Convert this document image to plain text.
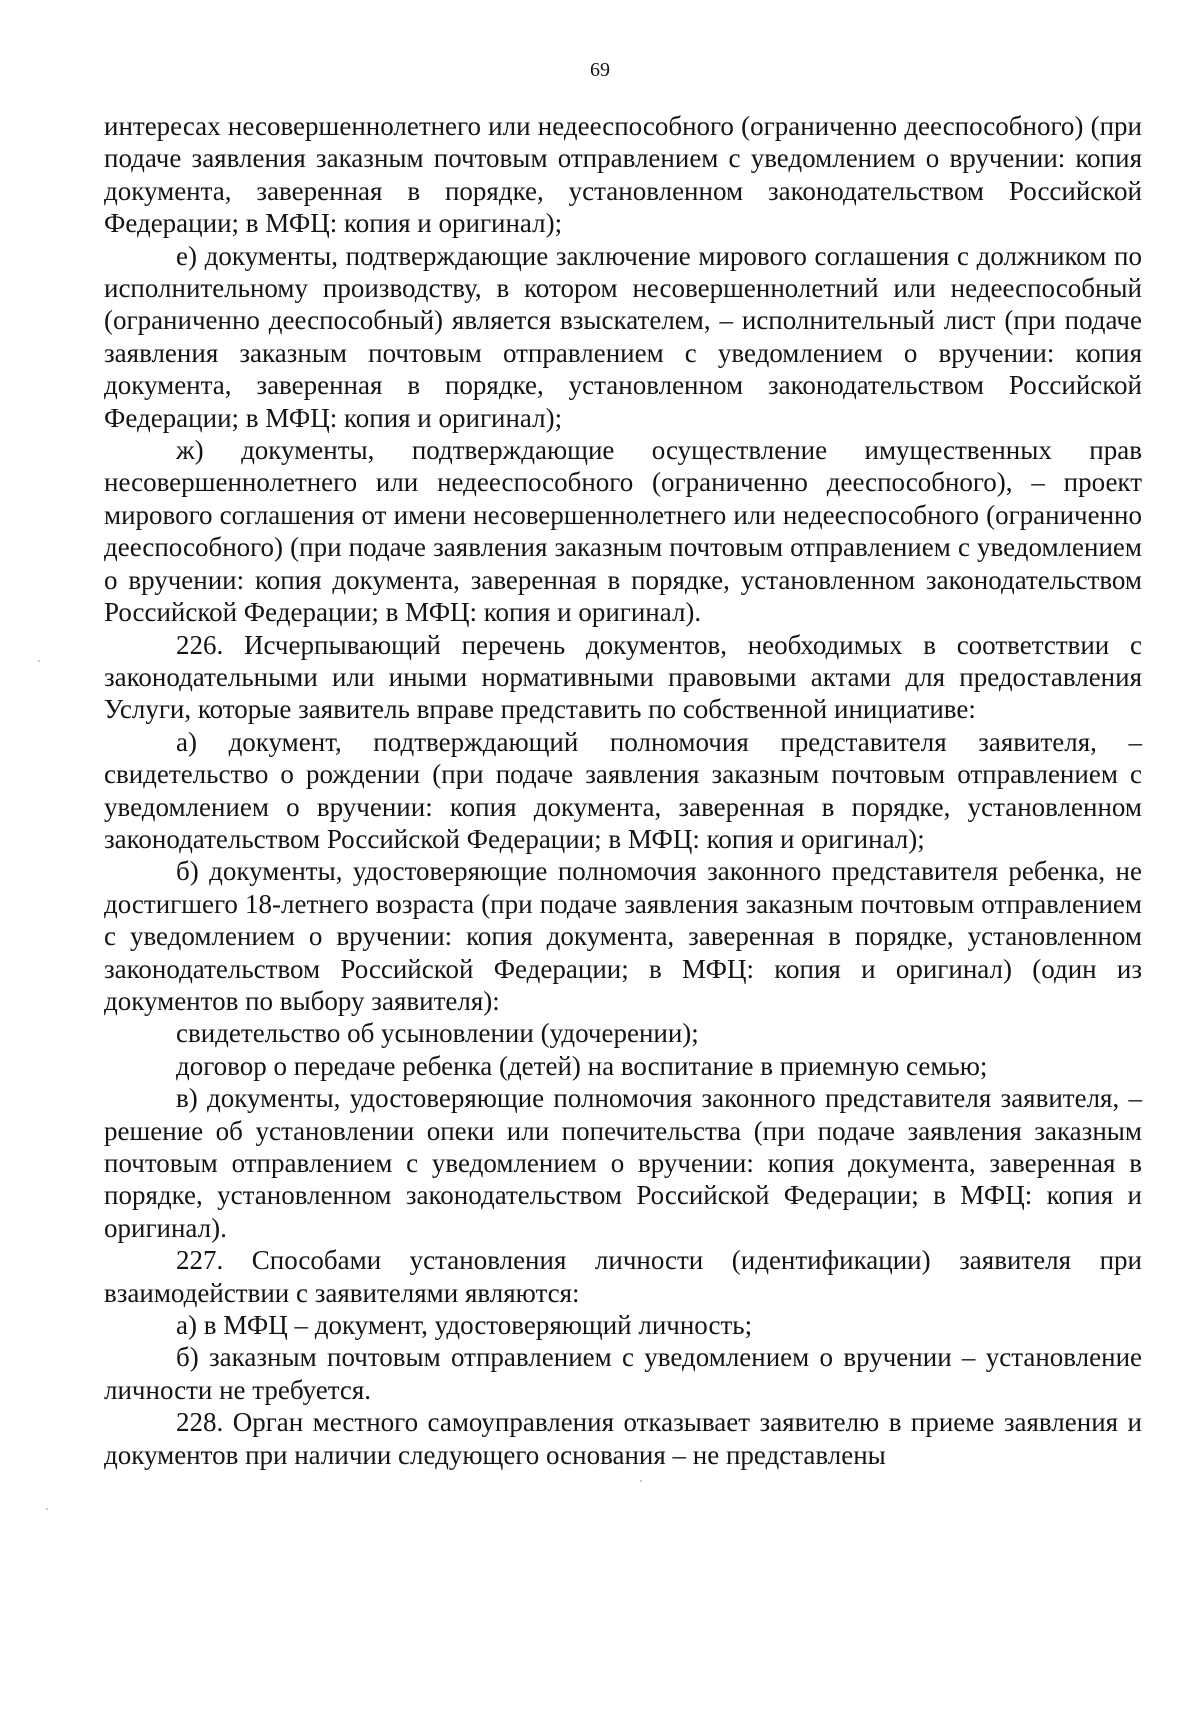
69

интересах несовершеннолетнего или недееспособного (ограниченно дееспособного) (при подаче заявления заказным почтовым отправлением с уведомлением о вручении: копия документа, заверенная в порядке, установленном законодательством Российской Федерации; в МФЦ: копия и оригинал);

е) документы, подтверждающие заключение мирового соглашения с должником по исполнительному производству, в котором несовершеннолетний или недееспособный (ограниченно дееспособный) является взыскателем, – исполнительный лист (при подаче заявления заказным почтовым отправлением с уведомлением о вручении: копия документа, заверенная в порядке, установленном законодательством Российской Федерации; в МФЦ: копия и оригинал);

ж) документы, подтверждающие осуществление имущественных прав несовершеннолетнего или недееспособного (ограниченно дееспособного), – проект мирового соглашения от имени несовершеннолетнего или недееспособного (ограниченно дееспособного) (при подаче заявления заказным почтовым отправлением с уведомлением о вручении: копия документа, заверенная в порядке, установленном законодательством Российской Федерации; в МФЦ: копия и оригинал).

226. Исчерпывающий перечень документов, необходимых в соответствии с законодательными или иными нормативными правовыми актами для предоставления Услуги, которые заявитель вправе представить по собственной инициативе:

а) документ, подтверждающий полномочия представителя заявителя, – свидетельство о рождении (при подаче заявления заказным почтовым отправлением с уведомлением о вручении: копия документа, заверенная в порядке, установленном законодательством Российской Федерации; в МФЦ: копия и оригинал);

б) документы, удостоверяющие полномочия законного представителя ребенка, не достигшего 18-летнего возраста (при подаче заявления заказным почтовым отправлением с уведомлением о вручении: копия документа, заверенная в порядке, установленном законодательством Российской Федерации; в МФЦ: копия и оригинал) (один из документов по выбору заявителя):

свидетельство об усыновлении (удочерении);

договор о передаче ребенка (детей) на воспитание в приемную семью;

в) документы, удостоверяющие полномочия законного представителя заявителя, – решение об установлении опеки или попечительства (при подаче заявления заказным почтовым отправлением с уведомлением о вручении: копия документа, заверенная в порядке, установленном законодательством Российской Федерации; в МФЦ: копия и оригинал).

227. Способами установления личности (идентификации) заявителя при взаимодействии с заявителями являются:

а) в МФЦ – документ, удостоверяющий личность;

б) заказным почтовым отправлением с уведомлением о вручении – установление личности не требуется.

228. Орган местного самоуправления отказывает заявителю в приеме заявления и документов при наличии следующего основания – не представлены
